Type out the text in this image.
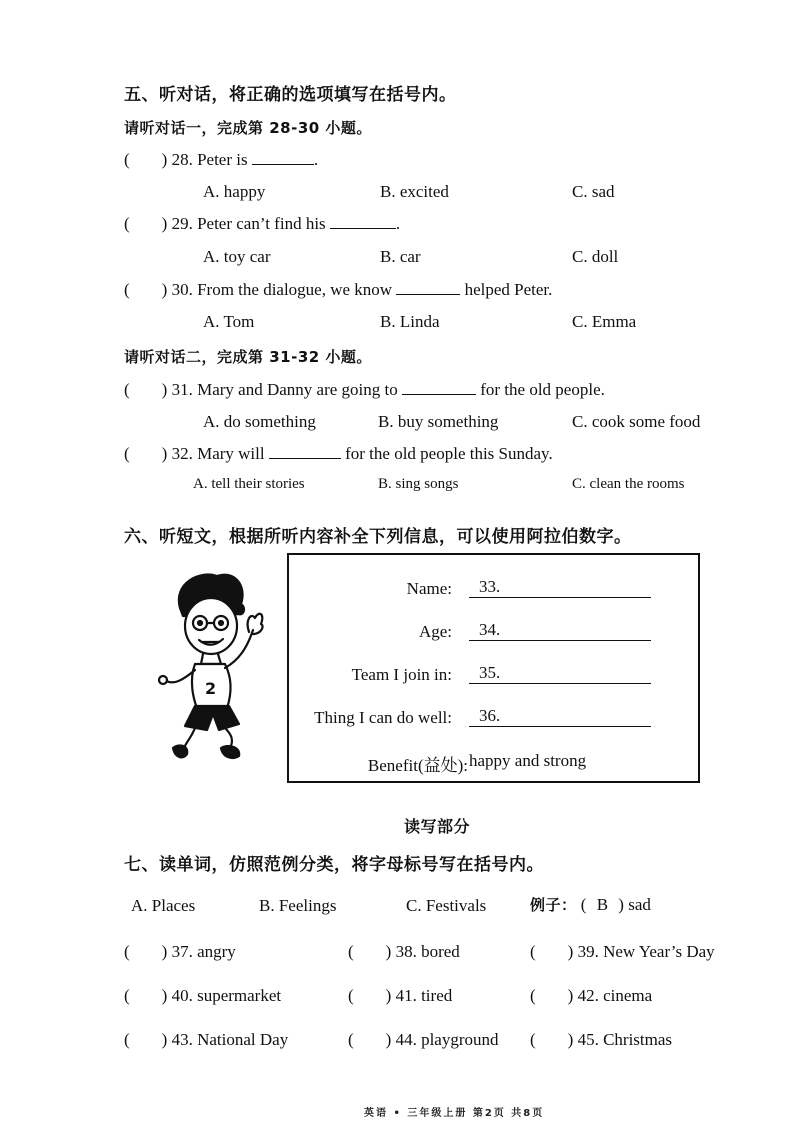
五、听对话，将正确的选项填写在括号内。
请听对话一，完成第 28-30 小题。
( ) 28. Peter is	.
A. happy	B. excited	C. sad
( ) 29. Peter can’t find his	.
A. toy car	B. car	C. doll
( ) 30. From the dialogue, we know	helped Peter.
A. Tom	B. Linda	C. Emma
请听对话二，完成第 31-32 小题。
( ) 31. Mary and Danny are going to	for the old people.
A. do something	B. buy something	C. cook some food
( ) 32. Mary will	for the old people this Sunday.
A. tell their stories	B. sing songs	C. clean the rooms
六、听短文，根据所听内容补全下列信息，可以使用阿拉伯数字。
2
Name:	33.
Age:	34.
Team I join in:	35.
Thing I can do well:	36.
Benefit(益处): happy and strong
读写部分
七、读单词，仿照范例分类，将字母标号写在括号内。
A. Places	B. Feelings	C. Festivals	例子： ( B ) sad
( ) 37. angry	( ) 38. bored	( ) 39. New Year’s Day
( ) 40. supermarket	( ) 41. tired	( ) 42. cinema
( ) 43. National Day	( ) 44. playground ( ) 45. Christmas
英语 • 三年级上册 第2页 共8页
